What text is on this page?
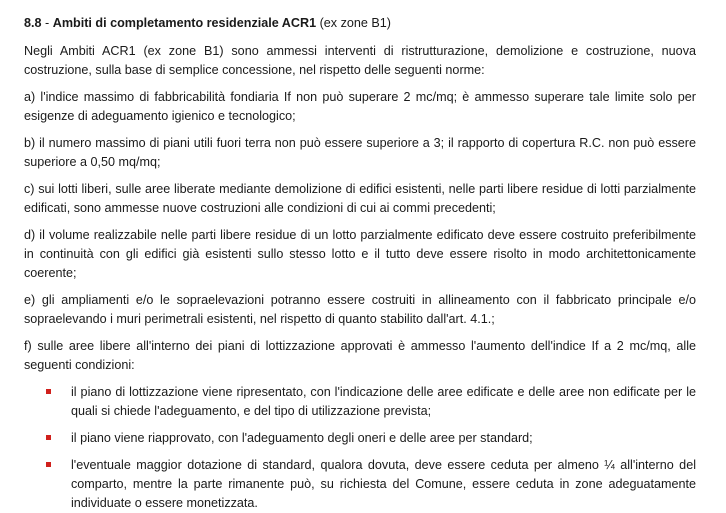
8.8 - Ambiti di completamento residenziale ACR1 (ex zone B1)

Negli Ambiti ACR1 (ex zone B1) sono ammessi interventi di ristrutturazione, demolizione e costruzione, nuova costruzione, sulla base di semplice concessione, nel rispetto delle seguenti norme:

a) l'indice massimo di fabbricabilità fondiaria If non può superare 2 mc/mq; è ammesso superare tale limite solo per esigenze di adeguamento igienico e tecnologico;

b) il numero massimo di piani utili fuori terra non può essere superiore a 3; il rapporto di copertura R.C. non può essere superiore a 0,50 mq/mq;

c) sui lotti liberi, sulle aree liberate mediante demolizione di edifici esistenti, nelle parti libere residue di lotti parzialmente edificati, sono ammesse nuove costruzioni alle condizioni di cui ai commi precedenti;

d) il volume realizzabile nelle parti libere residue di un lotto parzialmente edificato deve essere costruito preferibilmente in continuità con gli edifici già esistenti sullo stesso lotto e il tutto deve essere risolto in modo architettonicamente coerente;

e) gli ampliamenti e/o le sopraelevazioni potranno essere costruiti in allineamento con il fabbricato principale e/o sopraelevando i muri perimetrali esistenti, nel rispetto di quanto stabilito dall'art. 4.1.;

f) sulle aree libere all'interno dei piani di lottizzazione approvati è ammesso l'aumento dell'indice If a 2 mc/mq, alle seguenti condizioni:

il piano di lottizzazione viene ripresentato, con l'indicazione delle aree edificate e delle aree non edificate per le quali si chiede l'adeguamento, e del tipo di utilizzazione prevista;
il piano viene riapprovato, con l'adeguamento degli oneri e delle aree per standard;
l'eventuale maggior dotazione di standard, qualora dovuta, deve essere ceduta per almeno ¼ all'interno del comparto, mentre la parte rimanente può, su richiesta del Comune, essere ceduta in zone adeguatamente individuate o essere monetizzata.
